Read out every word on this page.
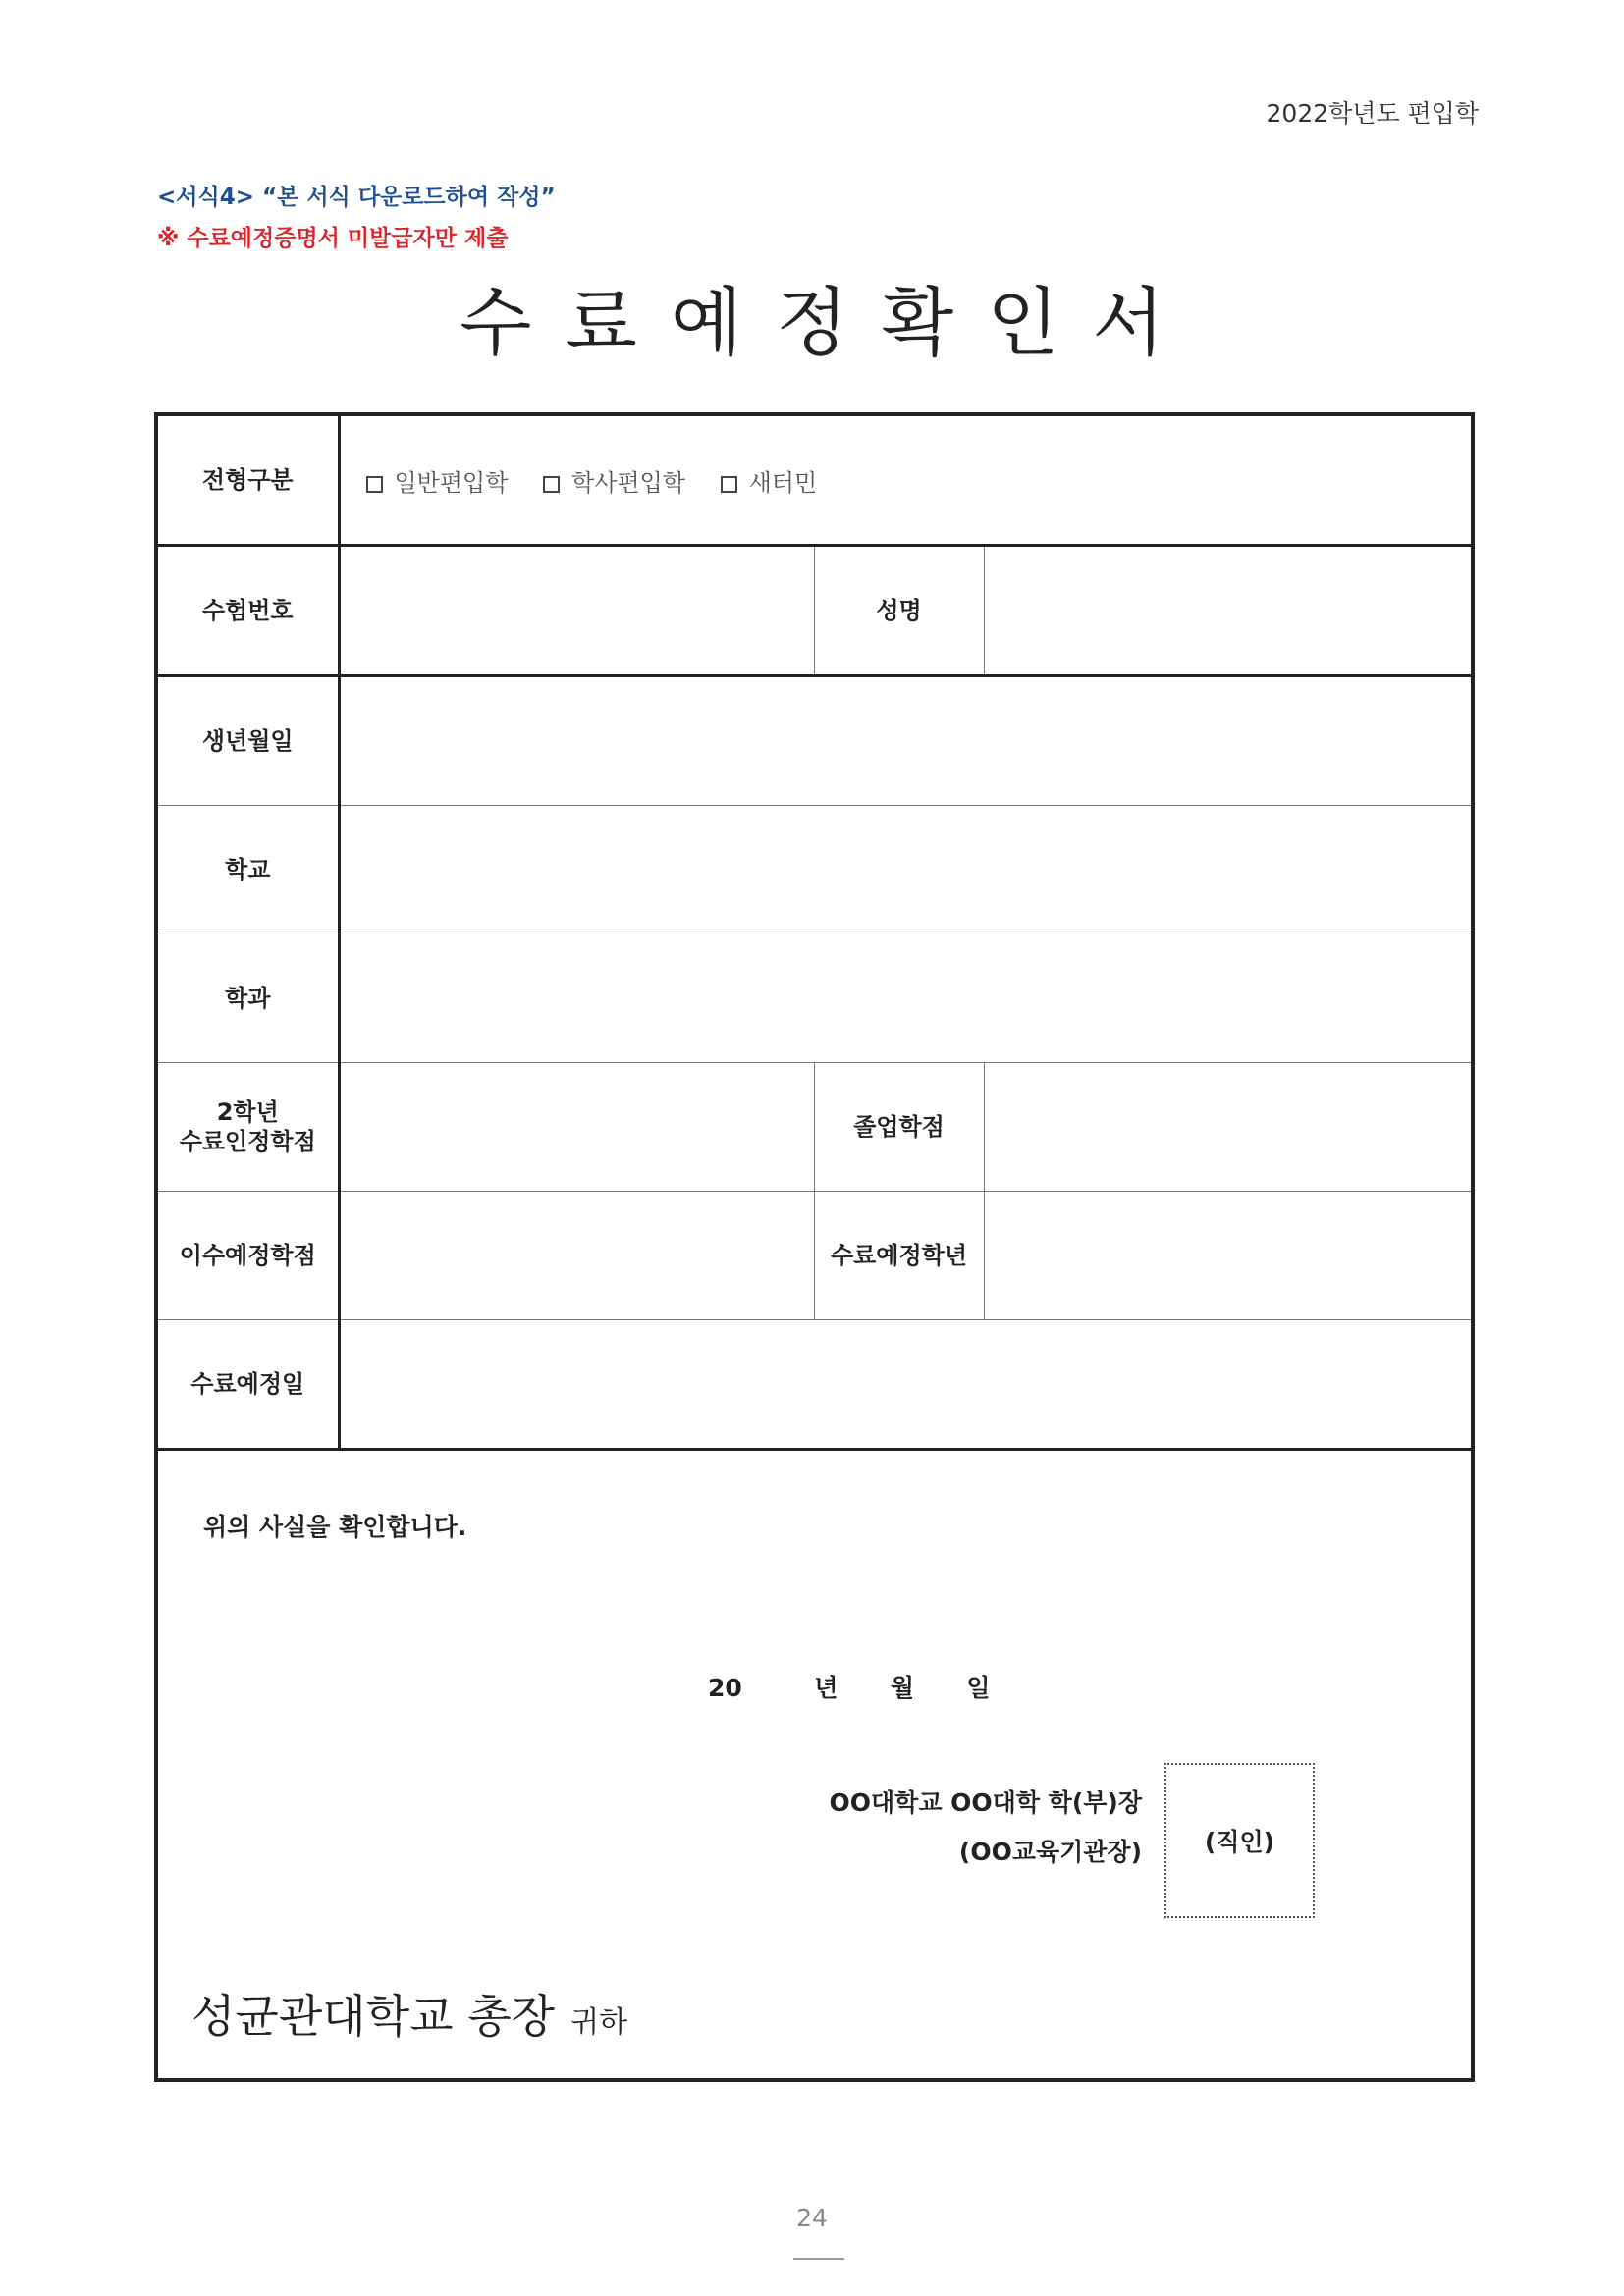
2022학년도 편입학
<서식4> “본 서식 다운로드하여 작성”
※ 수료예정증명서 미발급자만 제출
수료예정확인서
전형구분	일반편입학 학사편입학 새터민		

수험번호		성명	
생년월일			
학교			
학과			
2학년
수료인정학점		졸업학점	
이수예정학점		수료예정학년	
수료예정일			
위의 사실을 확인합니다.
20	년 월 일
OO대학교 OO대학 학(부)장
(OO교육기관장)	(직인)
성균관대학교 총장 귀하
24
